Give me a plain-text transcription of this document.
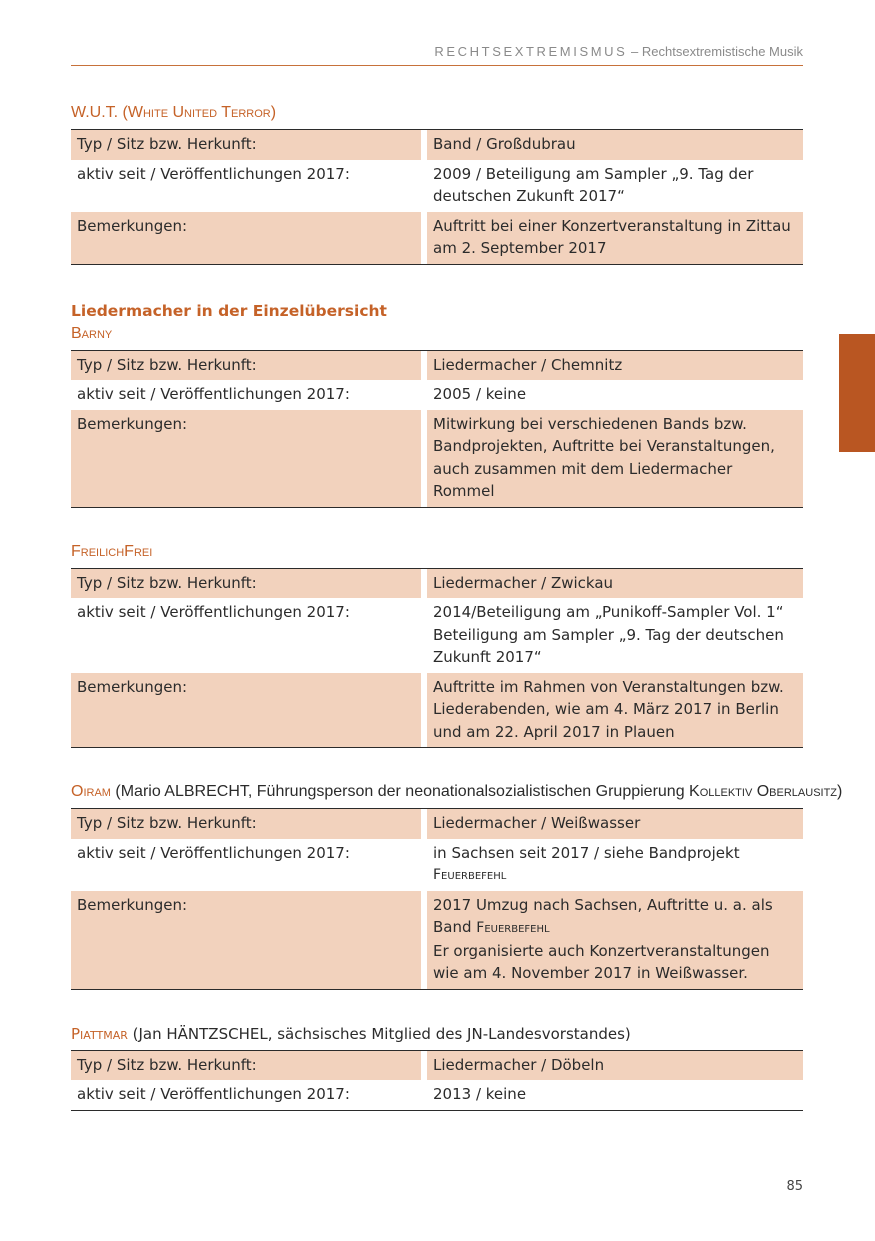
RECHTSEXTREMISMUS – Rechtsextremistische Musik
W.U.T. (White United Terror)
Typ / Sitz bzw. Herkunft:	Band / Großdubrau
aktiv seit / Veröffentlichungen 2017:	2009 / Beteiligung am Sampler „9. Tag der deutschen Zukunft 2017“
Bemerkungen:	Auftritt bei einer Konzertveranstaltung in Zittau am 2. September 2017
Liedermacher in der Einzelübersicht
Barny
Typ / Sitz bzw. Herkunft:	Liedermacher / Chemnitz
aktiv seit / Veröffentlichungen 2017:	2005 / keine
Bemerkungen:	Mitwirkung bei verschiedenen Bands bzw. Bandprojekten, Auftritte bei Veranstaltungen, auch zusammen mit dem Liedermacher Rommel
FreilichFrei
Typ / Sitz bzw. Herkunft:	Liedermacher / Zwickau
aktiv seit / Veröffentlichungen 2017:	2014/Beteiligung am „Punikoff-Sampler Vol. 1“
Beteiligung am Sampler „9. Tag der deutschen Zukunft 2017“

Bemerkungen:	Auftritte im Rahmen von Veranstaltungen bzw. Liederabenden, wie am 4. März 2017 in Berlin und am 22. April 2017 in Plauen
Oiram (Mario ALBRECHT, Führungsperson der neonationalsozialistischen Gruppierung Kollektiv Oberlausitz)
Typ / Sitz bzw. Herkunft:	Liedermacher / Weißwasser
aktiv seit / Veröffentlichungen 2017:	in Sachsen seit 2017 / siehe Bandprojekt
Feuerbefehl

Bemerkungen:	2017 Umzug nach Sachsen, Auftritte u. a. als Band Feuerbefehl
Er organisierte auch Konzertveranstaltungen wie am 4. November 2017 in Weißwasser.
Piattmar (Jan HÄNTZSCHEL, sächsisches Mitglied des JN-Landesvorstandes)
Typ / Sitz bzw. Herkunft:	Liedermacher / Döbeln
aktiv seit / Veröffentlichungen 2017:	2013 / keine
85
